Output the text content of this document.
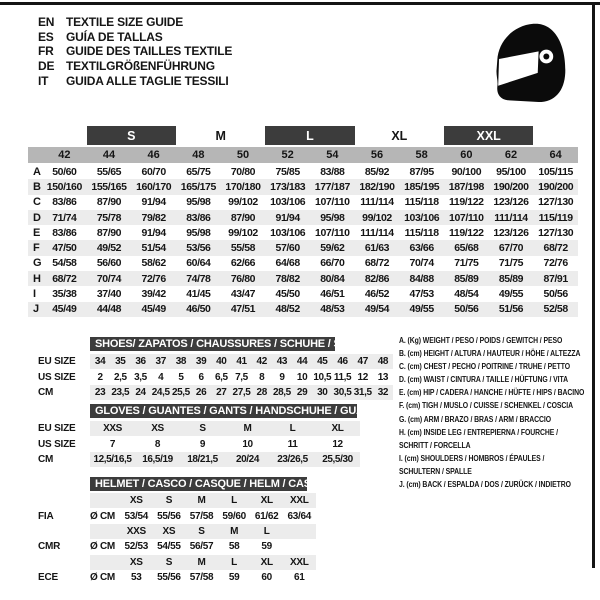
EN TEXTILE SIZE GUIDE
ES	GUÍA DE TALLAS
FR	GUIDE DES TAILLES TEXTILE
DE TEXTILGRÖßENFÜHRUNG
IT	GUIDA ALLE TAGLIE TESSILI
S	M	L	XL	XXL
42	44	46	48	50	52	54	56	58	60	62	64
A	50/60	55/65	60/70	65/75	70/80	75/85	83/88	85/92	87/95	90/100	95/100	105/115
B 150/160 155/165 160/170 165/175 170/180 173/183 177/187 182/190 185/195 187/198 190/200 190/200
C	83/86	87/90	91/94	95/98	99/102	103/106 107/110	111/114	115/118 119/122 123/126 127/130
D	71/74	75/78	79/82	83/86	87/90	91/94	95/98	99/102	103/106 107/110	111/114	115/119
E	83/86	87/90	91/94	95/98	99/102	103/106 107/110	111/114	115/118 119/122 123/126 127/130
F	47/50	49/52	51/54	53/56	55/58	57/60	59/62	61/63	63/66	65/68	67/70	68/72
G	54/58	56/60	58/62	60/64	62/66	64/68	66/70	68/72	70/74	71/75	71/75	72/76
H	68/72	70/74	72/76	74/78	76/80	78/82	80/84	82/86	84/88	85/89	85/89	87/91
I	35/38	37/40	39/42	41/45	43/47	45/50	46/51	46/52	47/53	48/54	49/55	50/56
J	45/49	44/48	45/49	46/50	47/51	48/52	48/53	49/54	49/55	50/56	51/56	52/58
SHOES/ ZAPATOS / CHAUSSURES / SCHUHE / SCARPE
EU SIZE	34 35 36 37 38 39 40 41 42 43 44 45 46 47 48
US SIZE	2	2,5 3,5	4	5	6	6,5 7,5	8	9	10 10,5 11,5 12 13
CM	23 23,5 24 24,5 25,5 26 27 27,5 28 28,5 29 30 30,5 31,5 32
GLOVES / GUANTES / GANTS / HANDSCHUHE / GUANTI
EU SIZE	XXS	XS	S	M	L	XL
US SIZE	7	8	9	10	11	12
CM	12,5/16,5	16,5/19	18/21,5	20/24	23/26,5	25,5/30
HELMET / CASCO / CASQUE / HELM / CASCO
XS	S	M	L	XL	XXL
FIA	Ø CM 53/54 55/56 57/58 59/60 61/62 63/64
XXS	XS	S	M	L
CMR	Ø CM 52/53 54/55 56/57	58	59
XS	S	M	L	XL	XXL
ECE	Ø CM	53	55/56 57/58	59	60	61
A. (Kg) WEIGHT / PESO / POIDS / GEWITCH / PESO
B. (cm) HEIGHT / ALTURA / HAUTEUR / HÖHE / ALTEZZA
C. (cm) CHEST / PECHO / POITRINE / TRUHE / PETTO
D. (cm) WAIST / CINTURA / TAILLE / HÜFTUNG / VITA
E. (cm) HIP / CADERA / HANCHE / HÜFTE / HIPS / BACINO
F. (cm) TIGH / MUSLO / CUISSE / SCHENKEL / COSCIA
G. (cm) ARM / BRAZO / BRAS / ARM / BRACCIO
H. (cm) INSIDE LEG / ENTREPIERNA / FOURCHE /
SCHRITT / FORCELLA
I. (cm) SHOULDERS / HOMBROS / ÉPAULES /
SCHULTERN / SPALLE
J. (cm) BACK / ESPALDA / DOS / ZURÜCK / INDIETRO
